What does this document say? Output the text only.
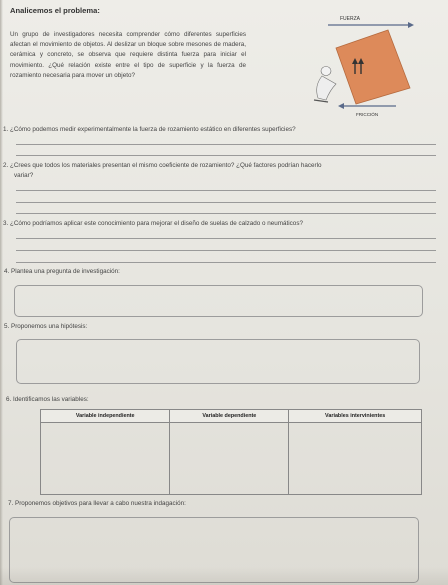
Analicemos el problema:
Un grupo de investigadores necesita comprender cómo diferentes superficies afectan el movimiento de objetos. Al deslizar un bloque sobre mesones de madera, cerámica y concreto, se observa que requiere distinta fuerza para iniciar el movimiento. ¿Qué relación existe entre el tipo de superficie y la fuerza de rozamiento necesaria para mover un objeto?
FUERZA
FRICCIÓN
1. ¿Cómo podemos medir experimentalmente la fuerza de rozamiento estático en diferentes superficies?
2. ¿Crees que todos los materiales presentan el mismo coeficiente de rozamiento? ¿Qué factores podrían hacerlo
variar?
3. ¿Cómo podríamos aplicar este conocimiento para mejorar el diseño de suelas de calzado o neumáticos?
4. Plantea una pregunta de investigación:
5. Proponemos una hipótesis:
6. Identificamos las variables:
Variable independiente	Variable dependiente	Variables intervinientes

7. Proponemos objetivos para llevar a cabo nuestra indagación:
